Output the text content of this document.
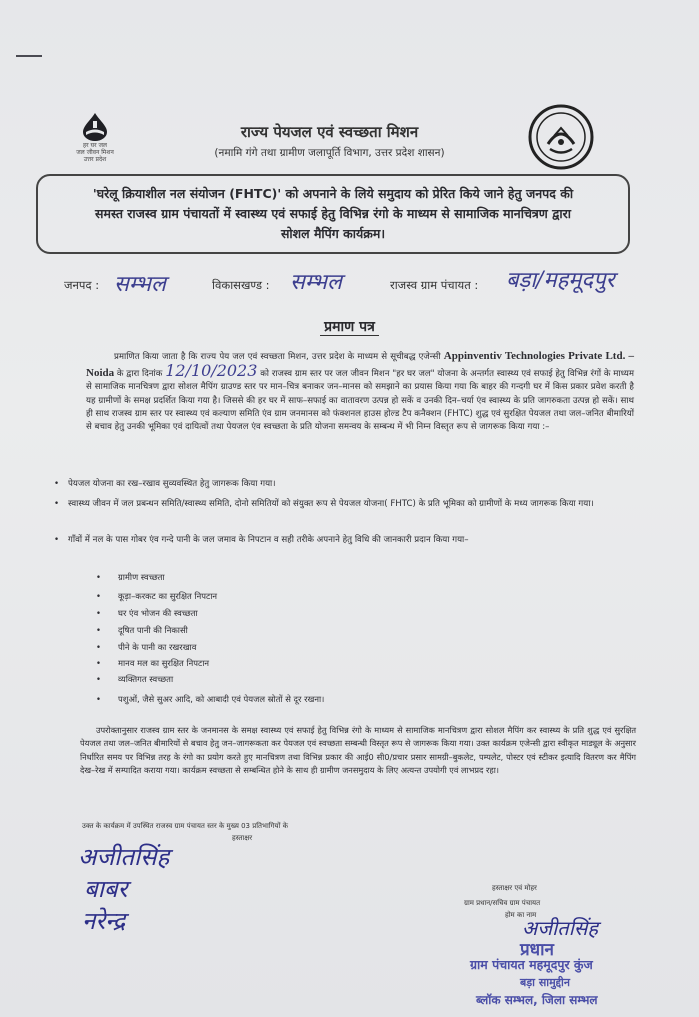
हर घर जल
जल जीवन मिशन
उत्तर प्रदेश
राज्य पेयजल एवं स्वच्छता मिशन
(नमामि गंगे तथा ग्रामीण जलापूर्ति विभाग, उत्तर प्रदेश शासन)
'घरेलू क्रियाशील नल संयोजन (FHTC)' को अपनाने के लिये समुदाय को प्रेरित किये जाने हेतु जनपद की
समस्त राजस्व ग्राम पंचायतों में स्वास्थ्य एवं सफाई हेतु विभिन्न रंगो के माध्यम से सामाजिक मानचित्रण द्वारा
सोशल मैपिंग कार्यक्रम।
जनपद : सम्भल	विकासखण्ड : सम्भल	राजस्व ग्राम पंचायत : बड़ा/महमूदपुर
प्रमाण पत्र
प्रमाणित किया जाता है कि राज्य पेय जल एवं स्वच्छता मिशन, उत्तर प्रदेश के माध्यम से सूचीबद्ध एजेन्सी Appinventiv Technologies Private Ltd. – Noida के द्वारा दिनांक 12/10/2023 को राजस्व ग्राम स्तर पर जल जीवन मिशन "हर घर जल" योजना के अन्तर्गत स्वास्थ्य एवं सफाई हेतु विभिन्न रंगों के माध्यम से सामाजिक मानचित्रण द्वारा सोशल मैपिंग ग्राउण्ड स्तर पर मान–चित्र बनाकर जन–मानस को समझाने का प्रयास किया गया कि बाहर की गन्दगी घर में किस प्रकार प्रवेश करती है यह ग्रामीणों के समक्ष प्रदर्शित किया गया है। जिससे की हर घर में साफ–सफाई का वातावरण उत्पन्न हो सकें व उनकी दिन–चर्या एंव स्वास्थ्य के प्रति जागरुकता उत्पन्न हो सकें। साथ ही साथ राजस्व ग्राम स्तर पर स्वास्थ्य एवं कल्याण समिति एंव ग्राम जनमानस को फंक्शनल हाउस होल्ड टैप कनैक्शन (FHTC) शुद्ध एवं सुरक्षित पेयजल तथा जल–जनित बीमारियों से बचाव हेतु उनकी भूमिका एवं दायित्वों तथा पेयजल एंव स्वच्छता के प्रति योजना समन्वय के सम्बन्ध में भी निम्न विस्तृत रूप से जागरूक किया गया :–
• पेयजल योजना का रख–रखाव सुव्यवस्थित हेतु जागरूक किया गया।
• स्वास्थ्य जीवन में जल प्रबन्धन समिति/स्वास्थ्य समिति, दोनो समितियों को संयुक्त रूप से पेयजल योजना( FHTC) के प्रति भूमिका को ग्रामीणों के मध्य जागरूक किया गया।
• गाँवों में नल के पास गोबर एंव गन्दे पानी के जल जमाव के निपटान व सही तरीके अपनाने हेतु विधि की जानकारी प्रदान किया गया–
• ग्रामीण स्वच्छता
• कूड़ा–करकट का सुरक्षित निपटान
• घर एंव भोजन की स्वच्छता
• दूषित पानी की निकासी
• पीने के पानी का रखरखाव
• मानव मल का सुरक्षित निपटान
• व्यक्तिगत स्वच्छता
• पशुओं, जैसे सुअर आदि, को आबादी एवं पेयजल स्रोतों से दूर रखना।
उपरोक्तानुसार राजस्व ग्राम स्तर के जनमानस के समक्ष स्वास्थ्य एवं सफाई हेतु विभिन्न रंगो के माध्यम से सामाजिक मानचित्रण द्वारा सोशल मैपिंग कर स्वास्थ्य के प्रति शुद्ध एवं सुरक्षित पेयजल तथा जल–जनित बीमारियों से बचाव हेतु जन–जागरूकता कर पेयजल एवं स्वच्छता सम्बन्धी विस्तृत रूप से जागरूक किया गया। उक्त कार्यक्रम एजेन्सी द्वारा स्वीकृत माड्यूल के अनुसार निर्धारित समय पर विभिन्न तरह के रंगो का प्रयोग करते हुए मानचित्रण तथा विभिन्न प्रकार की आई0 सी0/प्रचार प्रसार सामग्री–बुकलेट, पम्पलेट, पोस्टर एवं स्टीकर इत्यादि वितरण कर मैपिंग देख–रेख में सम्पादित कराया गया। कार्यक्रम स्वच्छता से सम्बन्धित होने के साथ ही ग्रामीण जनसमुदाय के लिए अत्यन्त उपयोगी एवं लाभप्रद रहा।
उक्त के कार्यक्रम में उपस्थित राजस्व ग्राम पंचायत स्तर के मुख्य 03 प्रतिभागियों के
हस्ताक्षर
अजीतसिंह
बाबर
नरेन्द्र
हस्ताक्षर एवं मोहर
ग्राम प्रधान/सचिव ग्राम पंचायत
होम का नाम
अजीतसिंह
प्रधान
ग्राम पंचायत महमूदपुर कुंज
बड़ा सामुद्दीन
ब्लॉक सम्भल, जिला सम्भल
